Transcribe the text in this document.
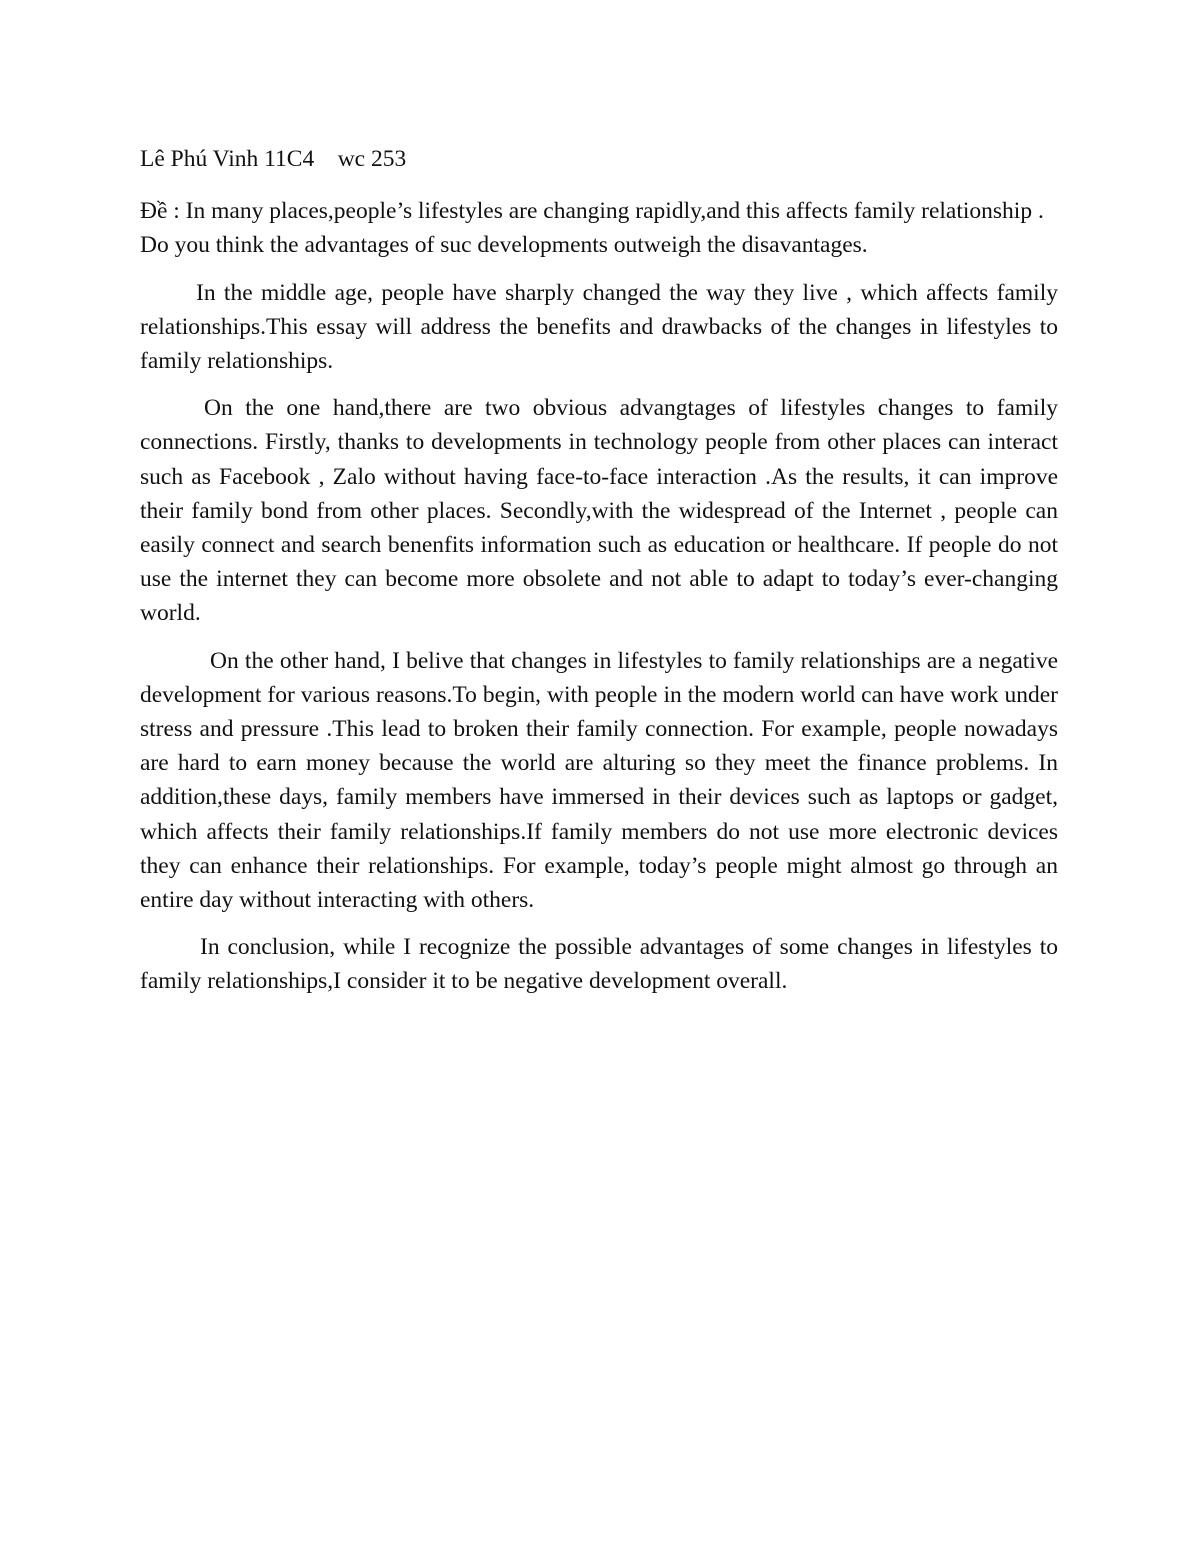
Lê Phú Vinh 11C4    wc 253

Đề : In many places,people’s lifestyles are changing rapidly,and this affects family relationship . Do you think the advantages of suc developments outweigh the disavantages.

In the middle age, people have sharply changed the way they live , which affects family relationships.This essay will address the benefits and drawbacks of the changes in lifestyles to family relationships.

On the one hand,there are two obvious advangtages of lifestyles changes to family connections. Firstly, thanks to developments in technology people from other places can interact such as Facebook , Zalo without having face-to-face interaction .As the results, it can improve their family bond from other places. Secondly,with the widespread of the Internet , people can easily connect and search benenfits information such as education or healthcare. If people do not use the internet they can become more obsolete and not able to adapt to today’s ever-changing world.

On the other hand, I belive that changes in lifestyles to family relationships are a negative development for various reasons.To begin, with people in the modern world can have work under stress and pressure .This lead to broken their family connection. For example, people nowadays are hard to earn money because the world are alturing so they meet the finance problems. In addition,these days, family members have immersed in their devices such as laptops or gadget, which affects their family relationships.If family members do not use more electronic devices they can enhance their relationships. For example, today’s people might almost go through an entire day without interacting with others.

In conclusion, while I recognize the possible advantages of some changes in lifestyles to family relationships,I consider it to be negative development overall.
